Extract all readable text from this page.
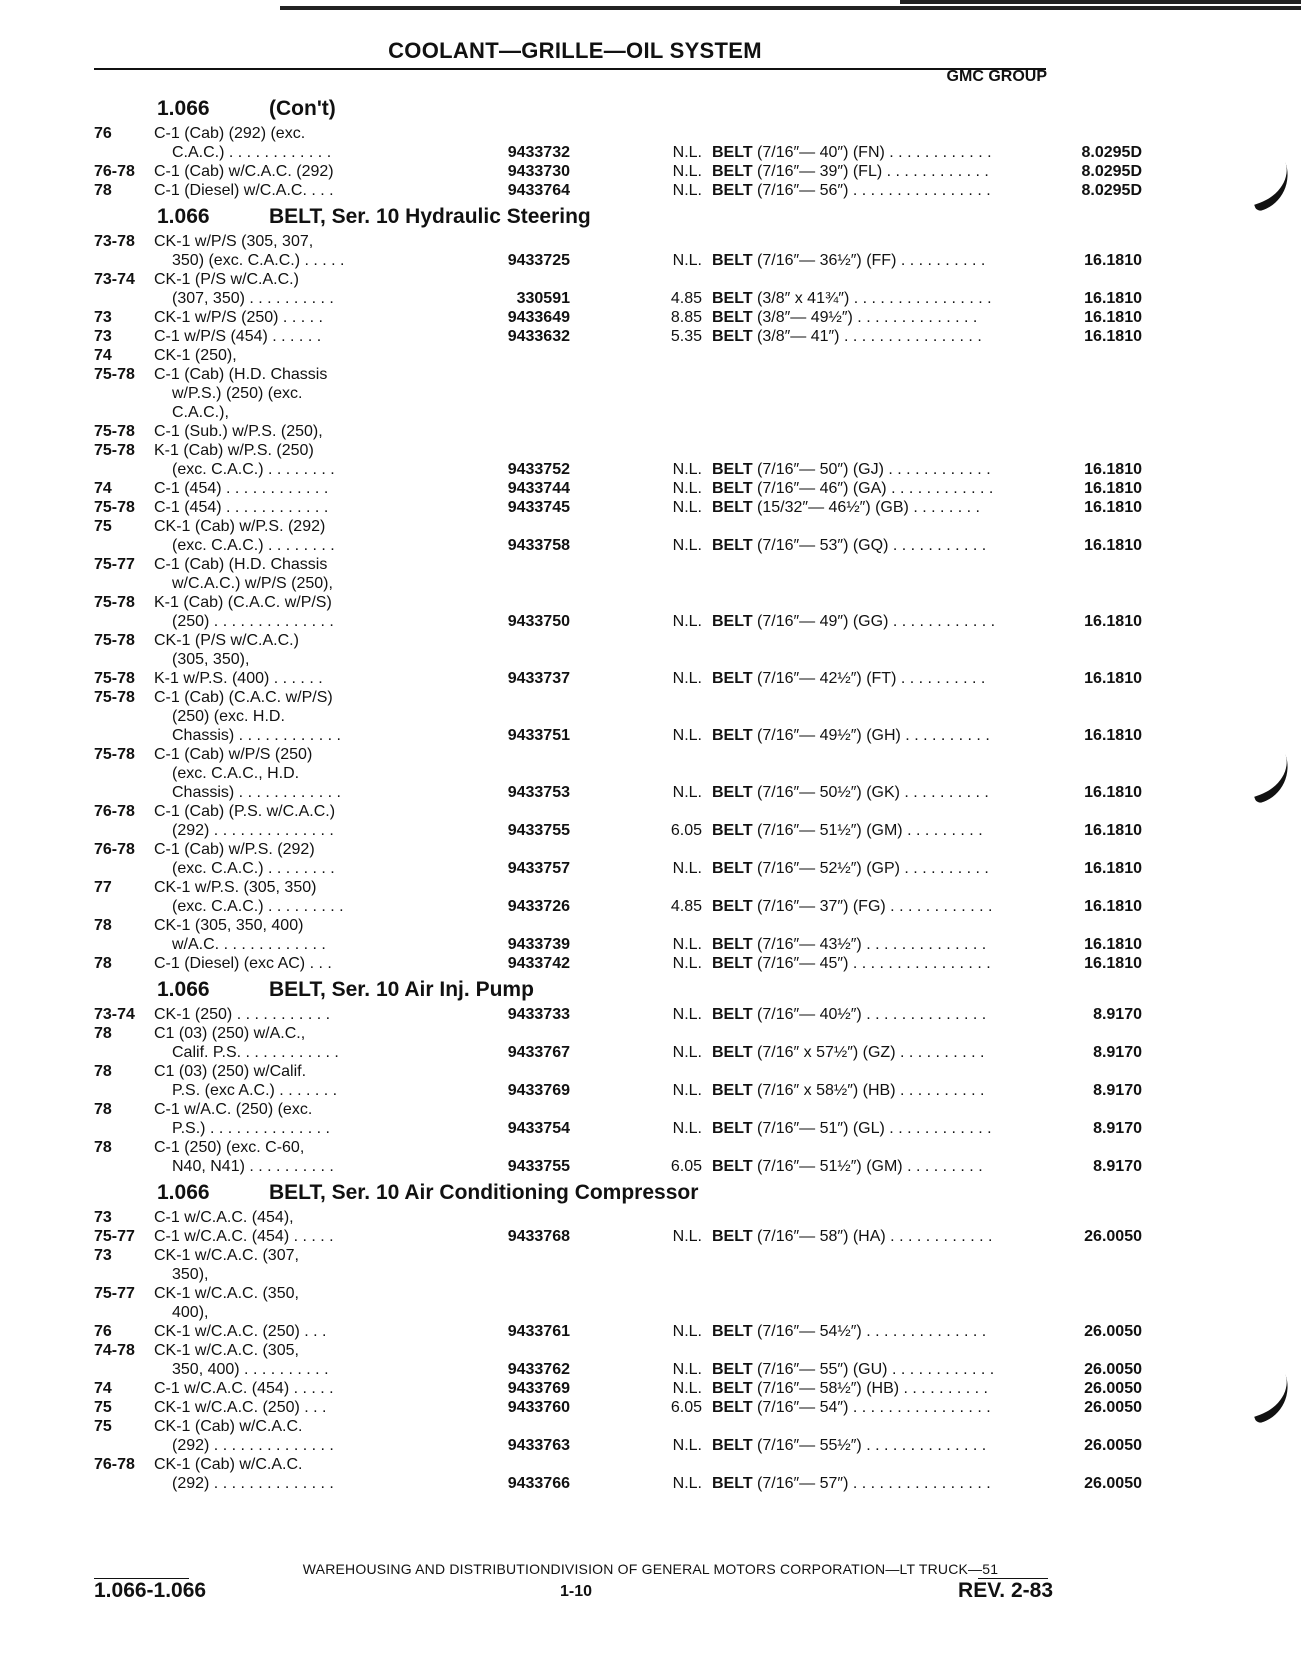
COOLANT—GRILLE—OIL SYSTEM
GMC GROUP
1.066	(Con't)
76	C-1 (Cab) (292) (exc.
C.A.C.) . . . . . . . . . . . .	9433732	N.L. BELT (7/16″— 40″) (FN) . . . . . . . . . . . .	8.0295D
76-78 C-1 (Cab) w/C.A.C. (292)	9433730	N.L. BELT (7/16″— 39″) (FL) . . . . . . . . . . . .	8.0295D
78	C-1 (Diesel) w/C.A.C. . . .	9433764	N.L. BELT (7/16″— 56″) . . . . . . . . . . . . . . . .	8.0295D
1.066	BELT, Ser. 10 Hydraulic Steering
73-78 CK-1 w/P/S (305, 307,
350) (exc. C.A.C.) . . . . .	9433725	N.L. BELT (7/16″— 36½″) (FF) . . . . . . . . . .	16.1810
73-74 CK-1 (P/S w/C.A.C.)
(307, 350) . . . . . . . . . .	330591	4.85 BELT (3/8″ x 41¾″) . . . . . . . . . . . . . . . .	16.1810
73	CK-1 w/P/S (250) . . . . .	9433649	8.85 BELT (3/8″— 49½″) . . . . . . . . . . . . . .	16.1810
73	C-1 w/P/S (454) . . . . . .	9433632	5.35 BELT (3/8″— 41″) . . . . . . . . . . . . . . . .	16.1810
74	CK-1 (250),
75-78 C-1 (Cab) (H.D. Chassis
w/P.S.) (250) (exc.
C.A.C.),
75-78 C-1 (Sub.) w/P.S. (250),
75-78 K-1 (Cab) w/P.S. (250)
(exc. C.A.C.) . . . . . . . .	9433752	N.L. BELT (7/16″— 50″) (GJ) . . . . . . . . . . . .	16.1810
74	C-1 (454) . . . . . . . . . . . .	9433744	N.L. BELT (7/16″— 46″) (GA) . . . . . . . . . . . .	16.1810
75-78 C-1 (454) . . . . . . . . . . . .	9433745	N.L. BELT (15/32″— 46½″) (GB) . . . . . . . .	16.1810
75	CK-1 (Cab) w/P.S. (292)
(exc. C.A.C.) . . . . . . . .	9433758	N.L. BELT (7/16″— 53″) (GQ) . . . . . . . . . . .	16.1810
75-77 C-1 (Cab) (H.D. Chassis
w/C.A.C.) w/P/S (250),
75-78 K-1 (Cab) (C.A.C. w/P/S)
(250) . . . . . . . . . . . . . .	9433750	N.L. BELT (7/16″— 49″) (GG) . . . . . . . . . . . .	16.1810
75-78 CK-1 (P/S w/C.A.C.)
(305, 350),
75-78 K-1 w/P.S. (400) . . . . . .	9433737	N.L. BELT (7/16″— 42½″) (FT) . . . . . . . . . .	16.1810
75-78 C-1 (Cab) (C.A.C. w/P/S)
(250) (exc. H.D.
Chassis) . . . . . . . . . . . .	9433751	N.L. BELT (7/16″— 49½″) (GH) . . . . . . . . . .	16.1810
75-78 C-1 (Cab) w/P/S (250)
(exc. C.A.C., H.D.
Chassis) . . . . . . . . . . . .	9433753	N.L. BELT (7/16″— 50½″) (GK) . . . . . . . . . .	16.1810
76-78 C-1 (Cab) (P.S. w/C.A.C.)
(292) . . . . . . . . . . . . . .	9433755	6.05 BELT (7/16″— 51½″) (GM) . . . . . . . . .	16.1810
76-78 C-1 (Cab) w/P.S. (292)
(exc. C.A.C.) . . . . . . . .	9433757	N.L. BELT (7/16″— 52½″) (GP) . . . . . . . . . .	16.1810
77	CK-1 w/P.S. (305, 350)
(exc. C.A.C.) . . . . . . . . .	9433726	4.85 BELT (7/16″— 37″) (FG) . . . . . . . . . . . .	16.1810
78	CK-1 (305, 350, 400)
w/A.C. . . . . . . . . . . . .	9433739	N.L. BELT (7/16″— 43½″) . . . . . . . . . . . . . .	16.1810
78	C-1 (Diesel) (exc AC) . . .	9433742	N.L. BELT (7/16″— 45″) . . . . . . . . . . . . . . . .	16.1810
1.066	BELT, Ser. 10 Air Inj. Pump
73-74 CK-1 (250) . . . . . . . . . . .	9433733	N.L. BELT (7/16″— 40½″) . . . . . . . . . . . . . .	8.9170
78	C1 (03) (250) w/A.C.,
Calif. P.S. . . . . . . . . . . .	9433767	N.L. BELT (7/16″ x 57½″) (GZ) . . . . . . . . . .	8.9170
78	C1 (03) (250) w/Calif.
P.S. (exc A.C.) . . . . . . .	9433769	N.L. BELT (7/16″ x 58½″) (HB) . . . . . . . . . .	8.9170
78	C-1 w/A.C. (250) (exc.
P.S.) . . . . . . . . . . . . . .	9433754	N.L. BELT (7/16″— 51″) (GL) . . . . . . . . . . . .	8.9170
78	C-1 (250) (exc. C-60,
N40, N41) . . . . . . . . . .	9433755	6.05 BELT (7/16″— 51½″) (GM) . . . . . . . . .	8.9170
1.066	BELT, Ser. 10 Air Conditioning Compressor
73	C-1 w/C.A.C. (454),
75-77 C-1 w/C.A.C. (454) . . . . .	9433768	N.L. BELT (7/16″— 58″) (HA) . . . . . . . . . . . .	26.0050
73	CK-1 w/C.A.C. (307,
350),
75-77 CK-1 w/C.A.C. (350,
400),
76	CK-1 w/C.A.C. (250) . . .	9433761	N.L. BELT (7/16″— 54½″) . . . . . . . . . . . . . .	26.0050
74-78 CK-1 w/C.A.C. (305,
350, 400) . . . . . . . . . .	9433762	N.L. BELT (7/16″— 55″) (GU) . . . . . . . . . . . .	26.0050
74	C-1 w/C.A.C. (454) . . . . .	9433769	N.L. BELT (7/16″— 58½″) (HB) . . . . . . . . . .	26.0050
75	CK-1 w/C.A.C. (250) . . .	9433760	6.05 BELT (7/16″— 54″) . . . . . . . . . . . . . . . .	26.0050
75	CK-1 (Cab) w/C.A.C.
(292) . . . . . . . . . . . . . .	9433763	N.L. BELT (7/16″— 55½″) . . . . . . . . . . . . . .	26.0050
76-78 CK-1 (Cab) w/C.A.C.
(292) . . . . . . . . . . . . . .	9433766	N.L. BELT (7/16″— 57″) . . . . . . . . . . . . . . . .	26.0050
WAREHOUSING AND DISTRIBUTIONDIVISION OF GENERAL MOTORS CORPORATION—LT TRUCK—51
1.066-1.066	1-10	REV. 2-83
